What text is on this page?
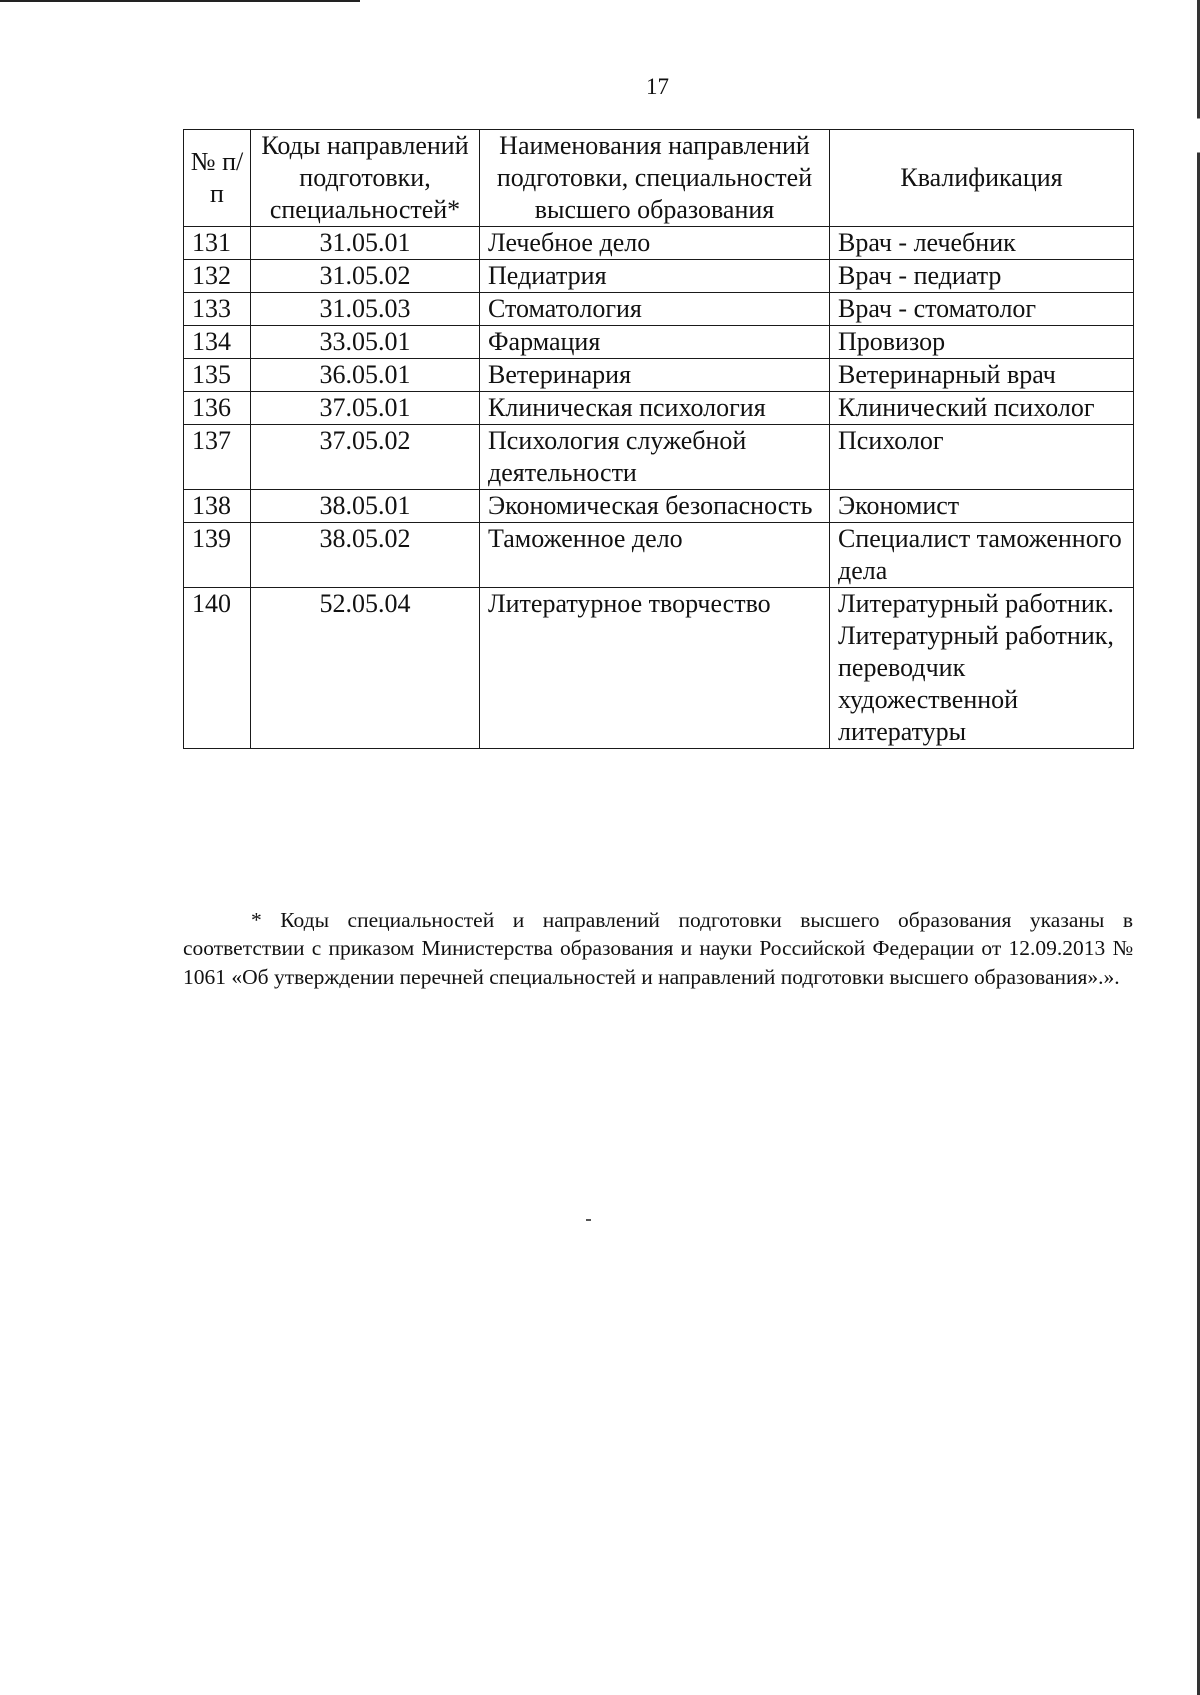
17
№ п/п	Коды направлений подготовки, специальностей*	Наименования направлений подготовки, специальностей высшего образования	Квалификация
131	31.05.01	Лечебное дело	Врач - лечебник
132	31.05.02	Педиатрия	Врач - педиатр
133	31.05.03	Стоматология	Врач - стоматолог
134	33.05.01	Фармация	Провизор
135	36.05.01	Ветеринария	Ветеринарный врач
136	37.05.01	Клиническая психология	Клинический психолог
137	37.05.02	Психология служебной деятельности	Психолог
138	38.05.01	Экономическая безопасность	Экономист
139	38.05.02	Таможенное дело	Специалист таможенного дела
140	52.05.04	Литературное творчество	Литературный работник. Литературный работник, переводчик художественной литературы

* Коды специальностей и направлений подготовки высшего образования указаны в соответствии с приказом Министерства образования и науки Российской Федерации от 12.09.2013 № 1061 «Об утверждении перечней специальностей и направлений подготовки высшего образования».».
